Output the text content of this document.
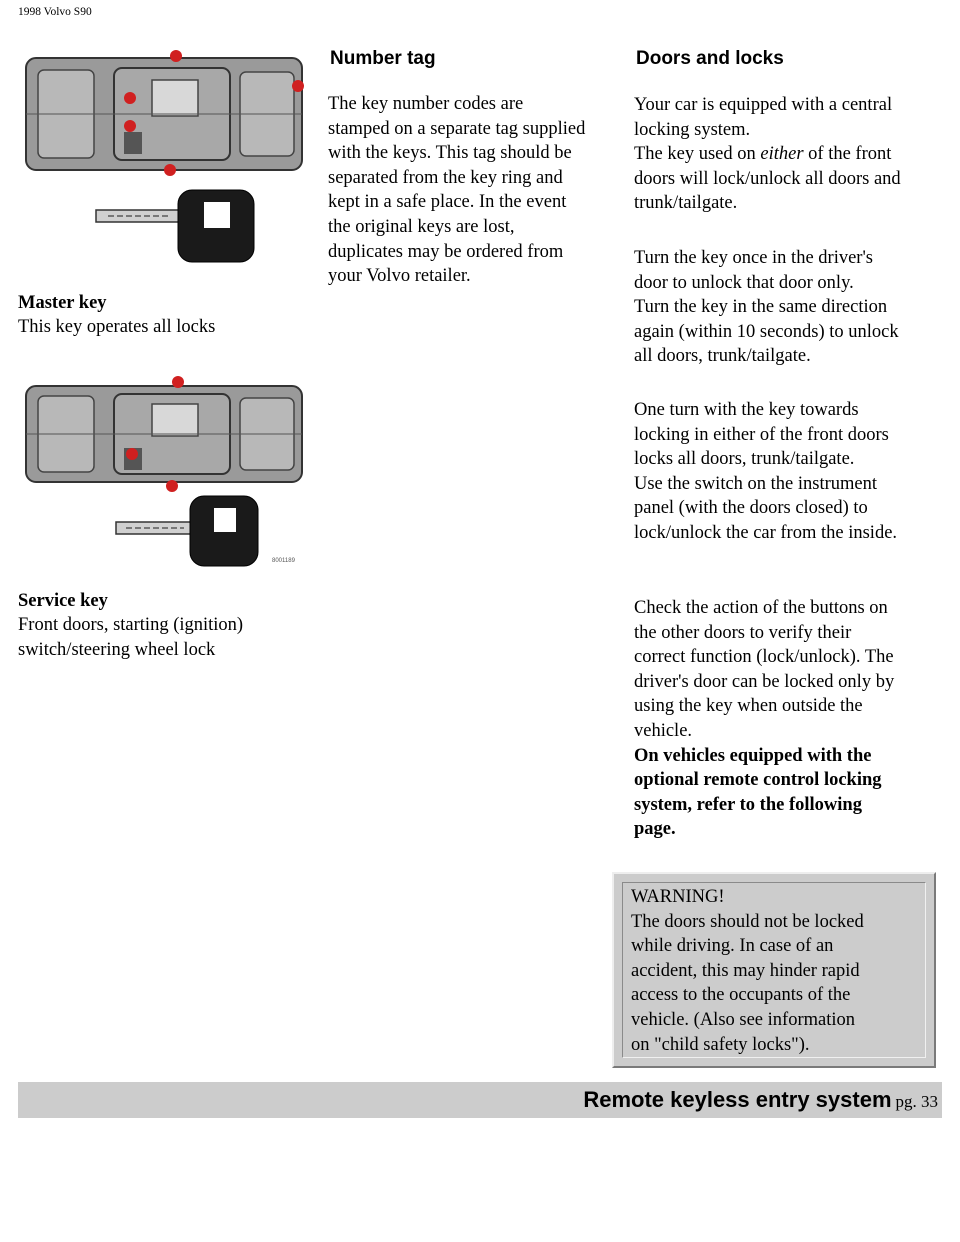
1998 Volvo S90

Master key

This key operates all locks

8001189

Service key

Front doors, starting (ignition)
switch/steering wheel lock

Number tag

The key number codes are
stamped on a separate tag supplied
with the keys. This tag should be
separated from the key ring and
kept in a safe place. In the event
the original keys are lost,
duplicates may be ordered from
your Volvo retailer.

Doors and locks

Your car is equipped with a central
locking system.
The key used on either of the front
doors will lock/unlock all doors and
trunk/tailgate.

Turn the key once in the driver's
door to unlock that door only.
Turn the key in the same direction
again (within 10 seconds) to unlock
all doors, trunk/tailgate.

One turn with the key towards
locking in either of the front doors
locks all doors, trunk/tailgate.
Use the switch on the instrument
panel (with the doors closed) to
lock/unlock the car from the inside.

Check the action of the buttons on
the other doors to verify their
correct function (lock/unlock). The
driver's door can be locked only by
using the key when outside the
vehicle.
On vehicles equipped with the
optional remote control locking
system, refer to the following
page.

WARNING!
The doors should not be locked
while driving. In case of an
accident, this may hinder rapid
access to the occupants of the
vehicle. (Also see information
on "child safety locks").

Remote keyless entry system pg. 33
